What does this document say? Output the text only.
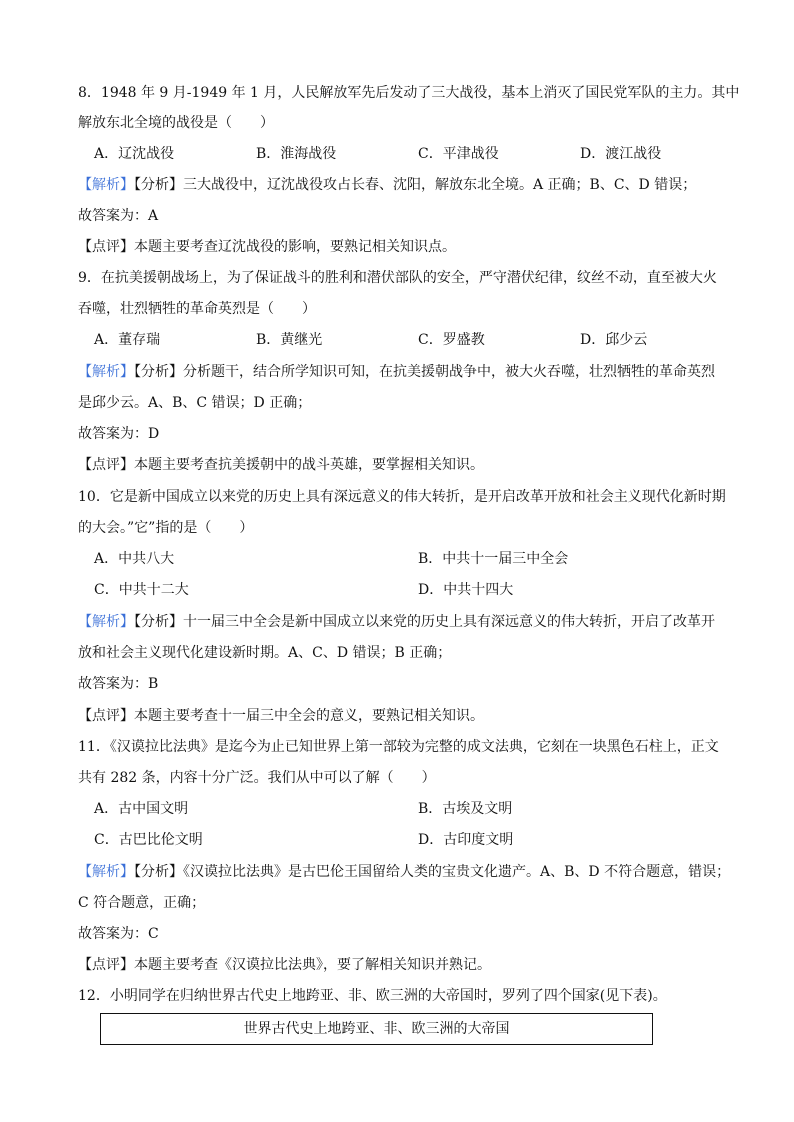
8．1948 年 9 月-1949 年 1 月，人民解放军先后发动了三大战役，基本上消灭了国民党军队的主力。其中
解放东北全境的战役是（　　）
A．辽沈战役	B．淮海战役	C．平津战役	D．渡江战役
【解析】【分析】三大战役中，辽沈战役攻占长春、沈阳，解放东北全境。A 正确；B、C、D 错误；
故答案为：A
【点评】本题主要考查辽沈战役的影响，要熟记相关知识点。
9．在抗美援朝战场上，为了保证战斗的胜利和潜伏部队的安全，严守潜伏纪律，纹丝不动，直至被大火
吞噬，壮烈牺牲的革命英烈是（　　）
A．董存瑞	B．黄继光	C．罗盛教	D．邱少云
【解析】【分析】分析题干，结合所学知识可知，在抗美援朝战争中，被大火吞噬，壮烈牺牲的革命英烈
是邱少云。A、B、C 错误；D 正确；
故答案为：D
【点评】本题主要考查抗美援朝中的战斗英雄，要掌握相关知识。
10．它是新中国成立以来党的历史上具有深远意义的伟大转折，是开启改革开放和社会主义现代化新时期
的大会。”它”指的是（　　）
A．中共八大	B．中共十一届三中全会
C．中共十二大	D．中共十四大
【解析】【分析】十一届三中全会是新中国成立以来党的历史上具有深远意义的伟大转折，开启了改革开
放和社会主义现代化建设新时期。A、C、D 错误；B 正确；
故答案为：B
【点评】本题主要考查十一届三中全会的意义，要熟记相关知识。
11．《汉谟拉比法典》是迄今为止已知世界上第一部较为完整的成文法典，它刻在一块黑色石柱上，正文
共有 282 条，内容十分广泛。我们从中可以了解（　　）
A．古中国文明	B．古埃及文明
C．古巴比伦文明	D．古印度文明
【解析】【分析】《汉谟拉比法典》是古巴伦王国留给人类的宝贵文化遗产。A、B、D 不符合题意，错误；
C 符合题意，正确；
故答案为：C
【点评】本题主要考查《汉谟拉比法典》，要了解相关知识并熟记。
12．小明同学在归纳世界古代史上地跨亚、非、欧三洲的大帝国时，罗列了四个国家(见下表)。
世界古代史上地跨亚、非、欧三洲的大帝国
